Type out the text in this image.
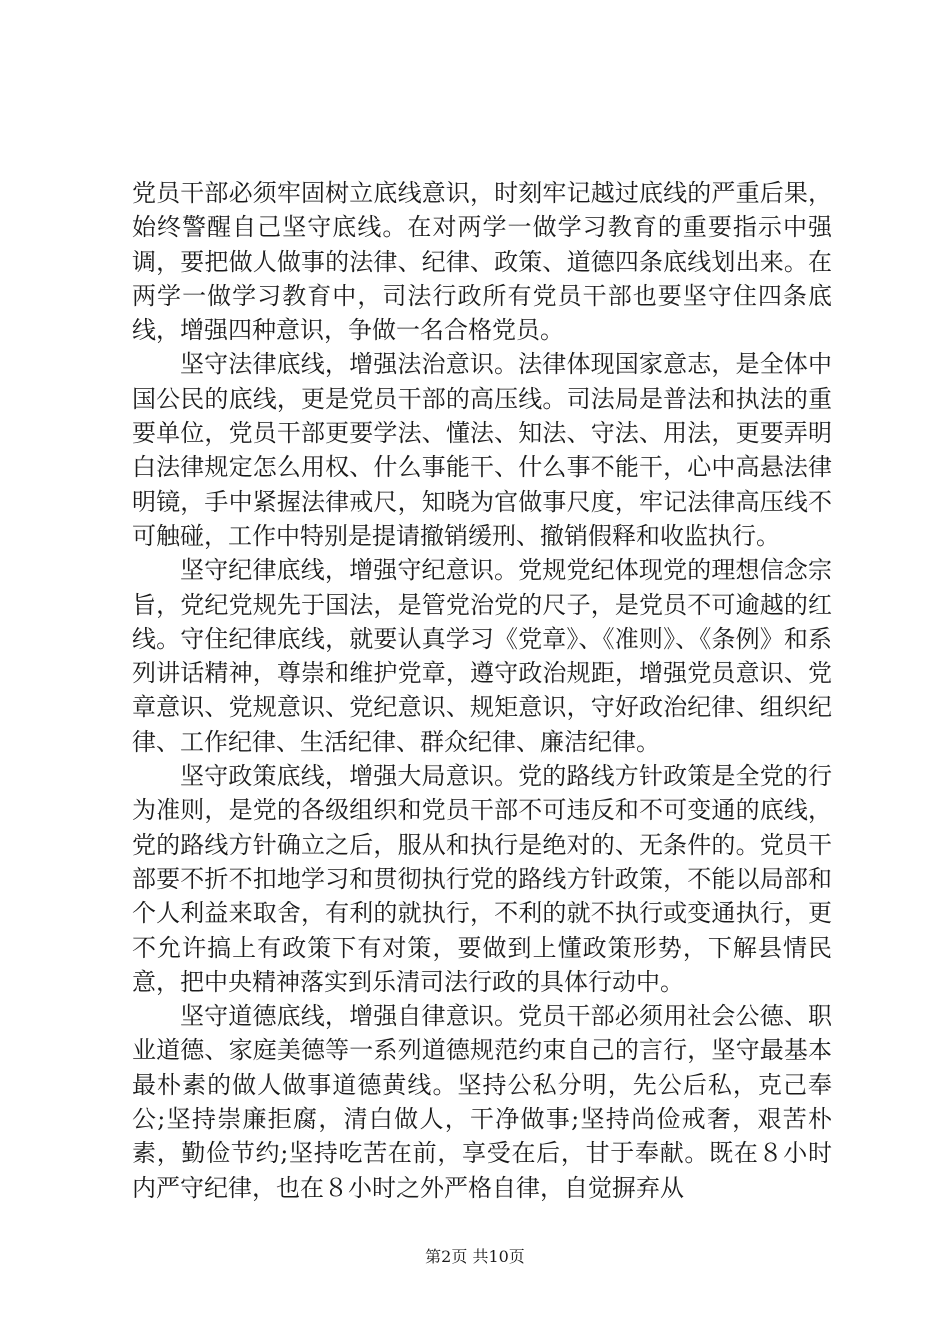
党员干部必须牢固树立底线意识，时刻牢记越过底线的严重后果，始终警醒自己坚守底线。在对两学一做学习教育的重要指示中强调，要把做人做事的法律、纪律、政策、道德四条底线划出来。在两学一做学习教育中，司法行政所有党员干部也要坚守住四条底线，增强四种意识，争做一名合格党员。

坚守法律底线，增强法治意识。法律体现国家意志，是全体中国公民的底线，更是党员干部的高压线。司法局是普法和执法的重要单位，党员干部更要学法、懂法、知法、守法、用法，更要弄明白法律规定怎么用权、什么事能干、什么事不能干，心中高悬法律明镜，手中紧握法律戒尺，知晓为官做事尺度，牢记法律高压线不可触碰，工作中特别是提请撤销缓刑、撤销假释和收监执行。

坚守纪律底线，增强守纪意识。党规党纪体现党的理想信念宗旨，党纪党规先于国法，是管党治党的尺子，是党员不可逾越的红线。守住纪律底线，就要认真学习《党章》、《准则》、《条例》和系列讲话精神，尊崇和维护党章，遵守政治规距，增强党员意识、党章意识、党规意识、党纪意识、规矩意识，守好政治纪律、组织纪律、工作纪律、生活纪律、群众纪律、廉洁纪律。

坚守政策底线，增强大局意识。党的路线方针政策是全党的行为准则，是党的各级组织和党员干部不可违反和不可变通的底线，党的路线方针确立之后，服从和执行是绝对的、无条件的。党员干部要不折不扣地学习和贯彻执行党的路线方针政策，不能以局部和个人利益来取舍，有利的就执行，不利的就不执行或变通执行，更不允许搞上有政策下有对策，要做到上懂政策形势，下解县情民意，把中央精神落实到乐清司法行政的具体行动中。

坚守道德底线，增强自律意识。党员干部必须用社会公德、职业道德、家庭美德等一系列道德规范约束自己的言行，坚守最基本最朴素的做人做事道德黄线。坚持公私分明，先公后私，克己奉公;坚持崇廉拒腐，清白做人，干净做事;坚持尚俭戒奢，艰苦朴素，勤俭节约;坚持吃苦在前，享受在后，甘于奉献。既在８小时内严守纪律，也在８小时之外严格自律，自觉摒弃从

第2页 共10页
